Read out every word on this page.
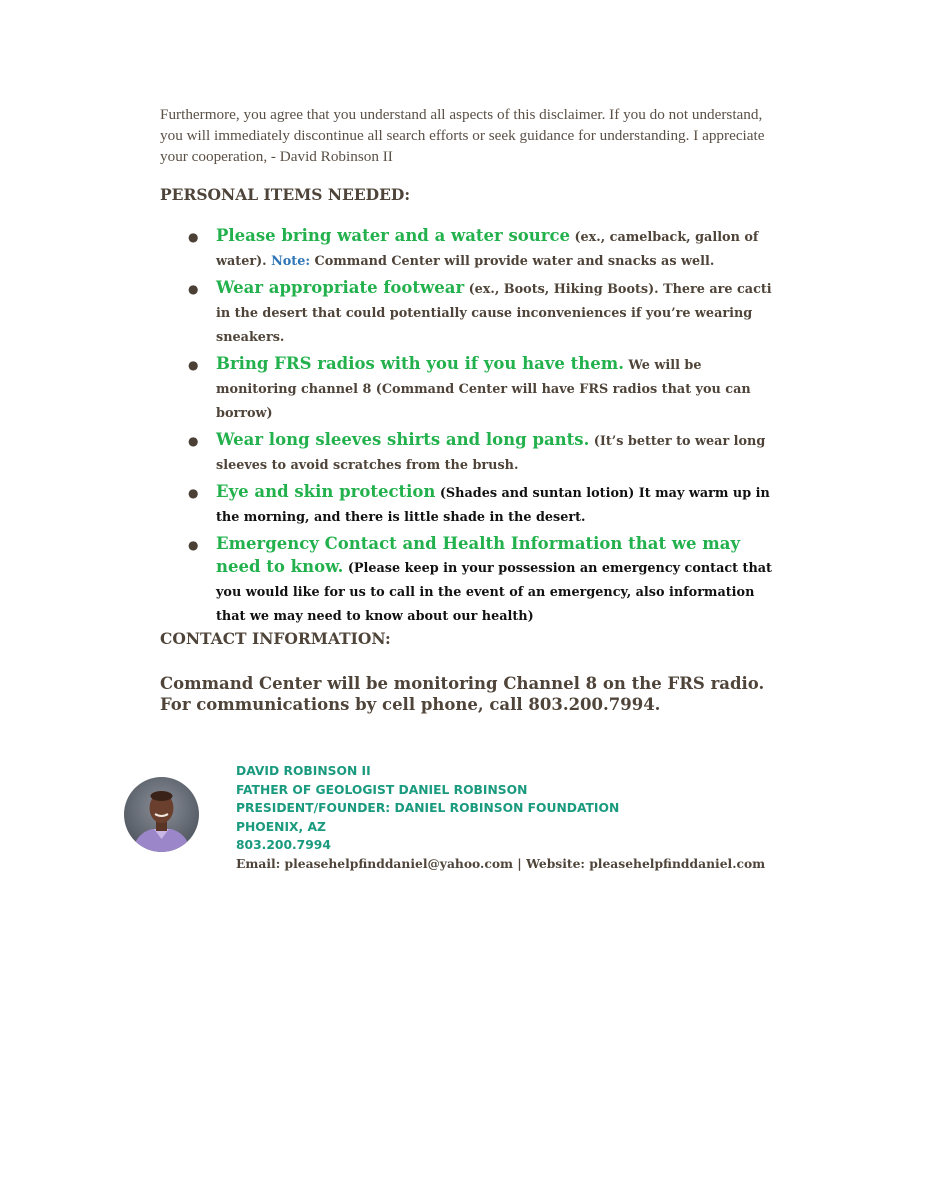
Furthermore, you agree that you understand all aspects of this disclaimer. If you do not understand, you will immediately discontinue all search efforts or seek guidance for understanding. I appreciate your cooperation, - David Robinson II

PERSONAL ITEMS NEEDED:
● Please bring water and a water source (ex., camelback, gallon of water). Note: Command Center will provide water and snacks as well.
● Wear appropriate footwear (ex., Boots, Hiking Boots). There are cacti in the desert that could potentially cause inconveniences if you’re wearing sneakers.
● Bring FRS radios with you if you have them. We will be monitoring channel 8 (Command Center will have FRS radios that you can borrow)
● Wear long sleeves shirts and long pants. (It’s better to wear long sleeves to avoid scratches from the brush.
● Eye and skin protection (Shades and suntan lotion) It may warm up in the morning, and there is little shade in the desert.
● Emergency Contact and Health Information that we may need to know. (Please keep in your possession an emergency contact that you would like for us to call in the event of an emergency, also information that we may need to know about our health)
CONTACT INFORMATION:
Command Center will be monitoring Channel 8 on the FRS radio.
For communications by cell phone, call 803.200.7994.
DAVID ROBINSON II
FATHER OF GEOLOGIST DANIEL ROBINSON
PRESIDENT/FOUNDER: DANIEL ROBINSON FOUNDATION
PHOENIX, AZ
803.200.7994
Email: pleasehelpfinddaniel@yahoo.com | Website: pleasehelpfinddaniel.com
